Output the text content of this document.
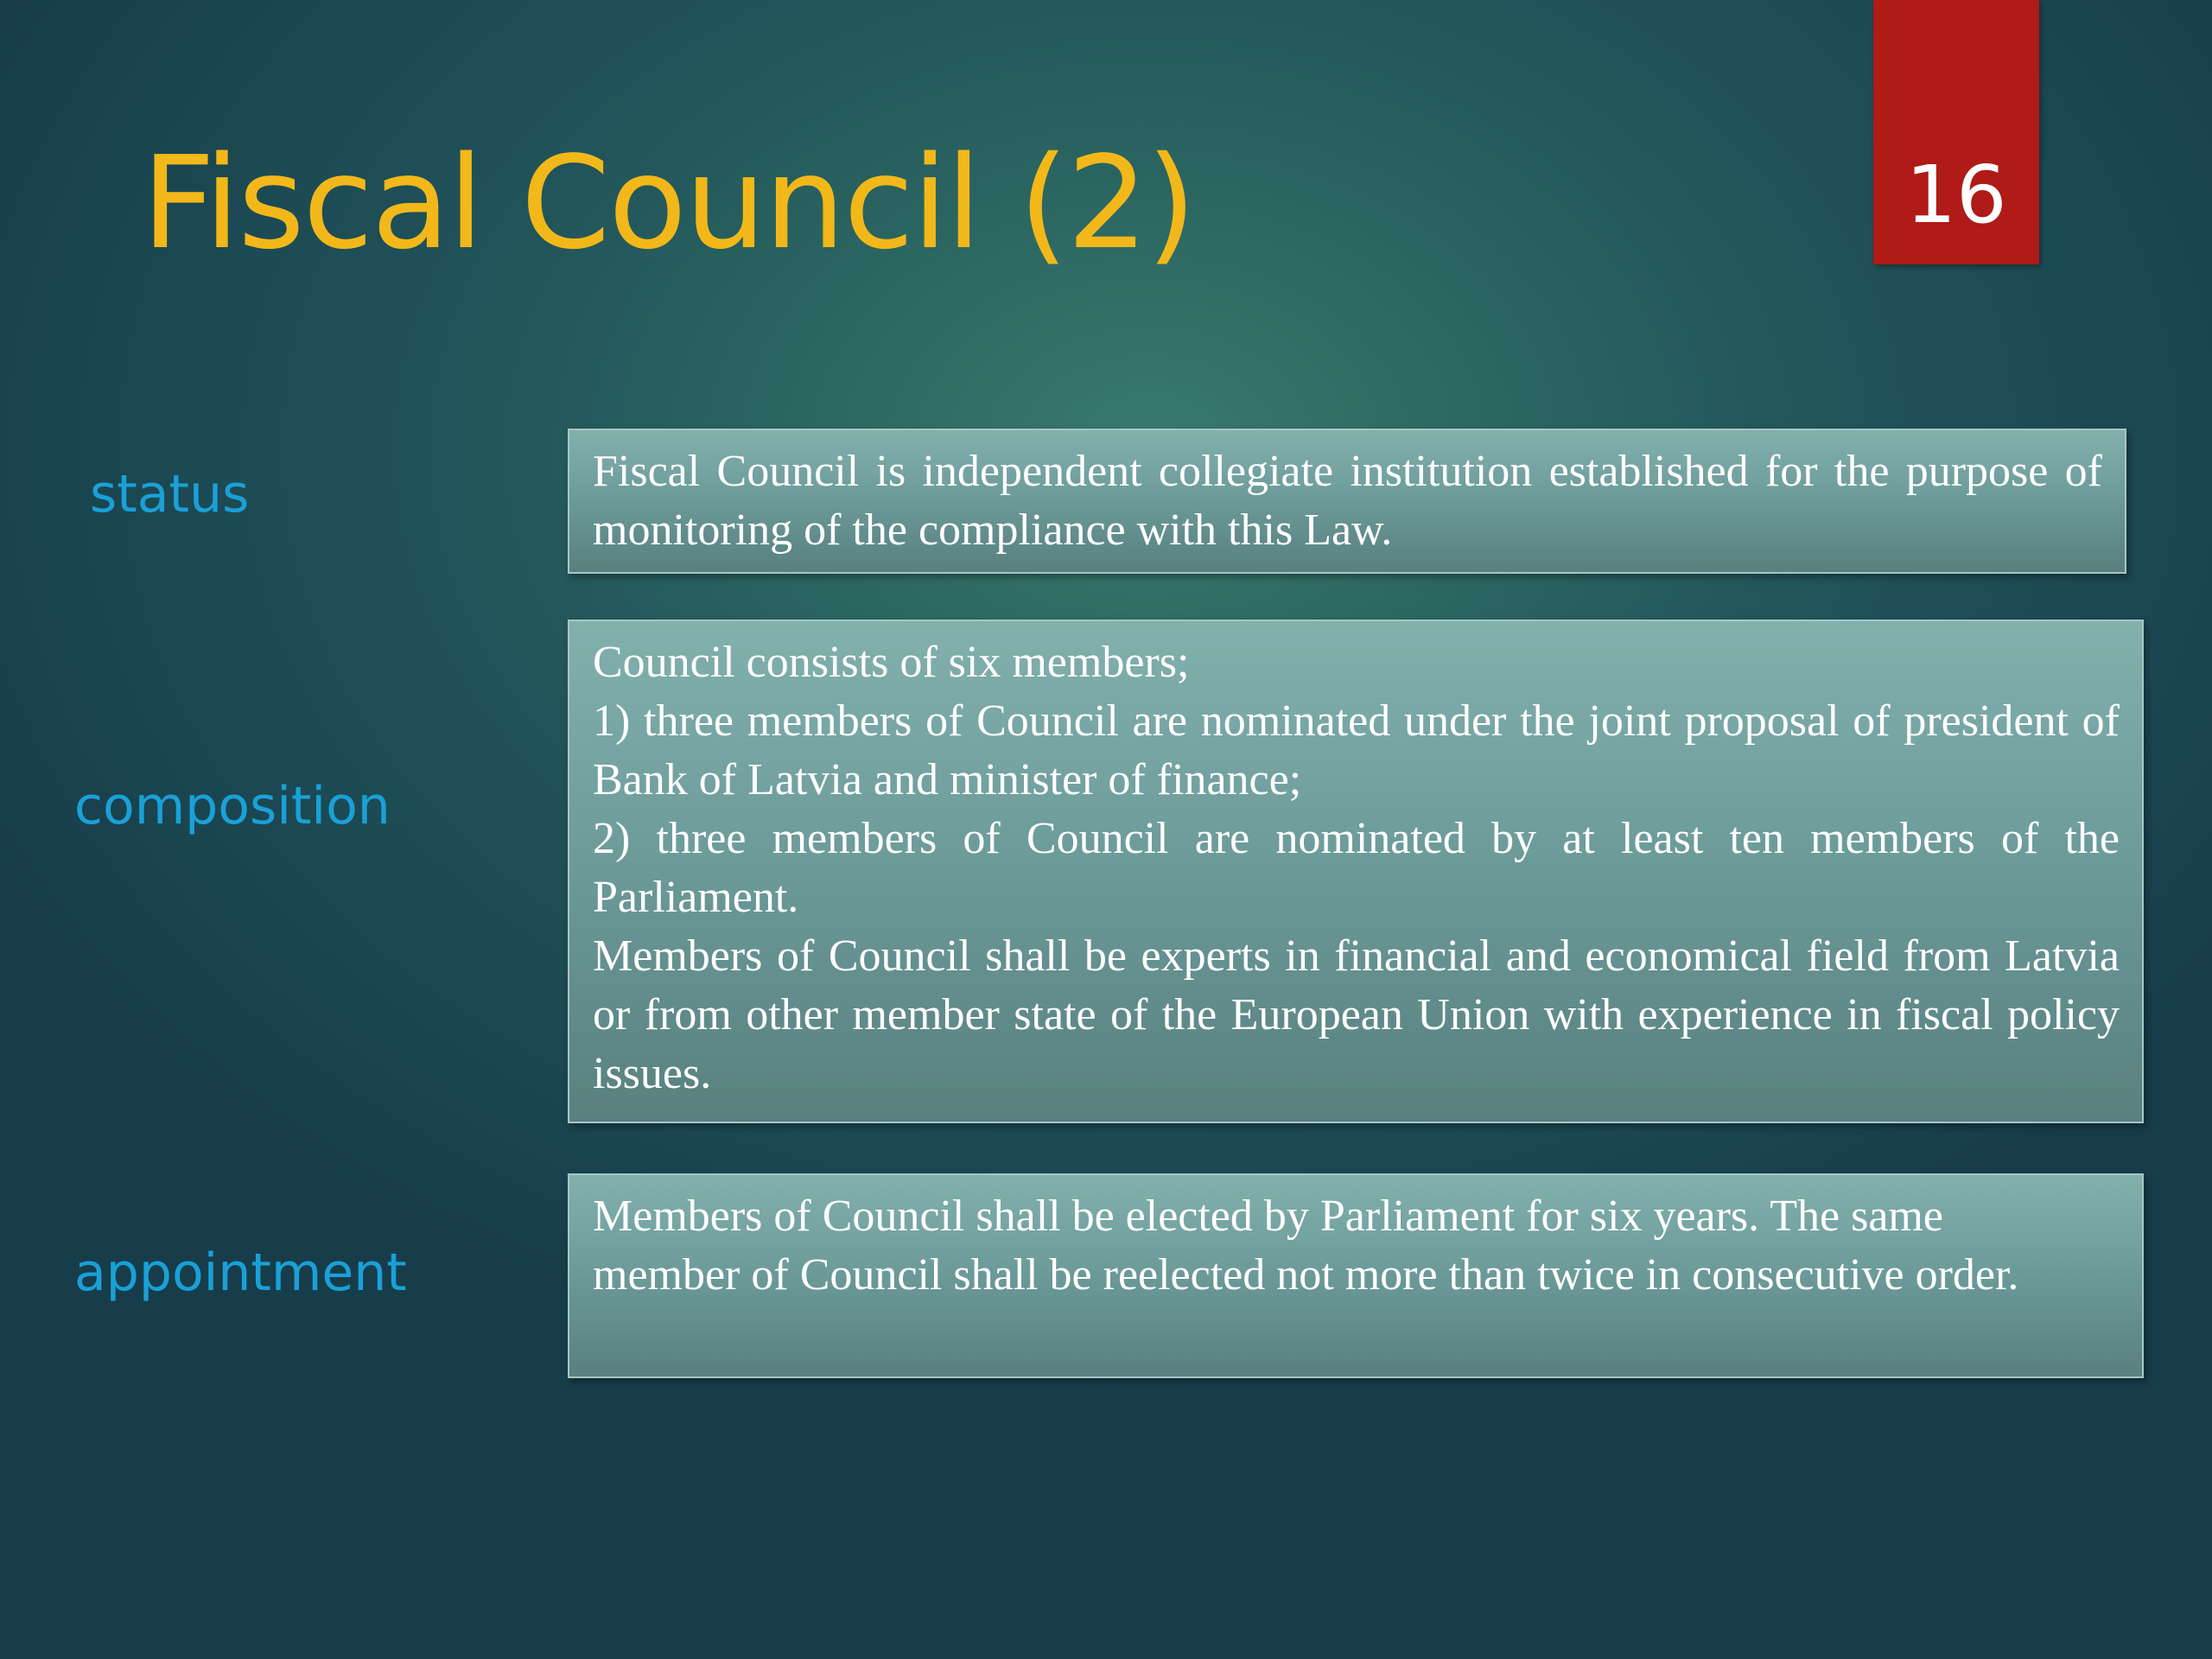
Fiscal Council (2)	16
status	Fiscal Council is independent collegiate institution established for the purpose of monitoring of the compliance with this Law.

composition

Council consists of six members;

1) three members of Council are nominated under the joint proposal of president of Bank of Latvia and minister of finance;

2) three members of Council are nominated by at least ten members of the Parliament.

Members of Council shall be experts in financial and economical field from Latvia or from other member state of the European Union with experience in fiscal policy issues.

appointment

Members of Council shall be elected by Parliament for six years. The same member of Council shall be reelected not more than twice in consecutive order.
